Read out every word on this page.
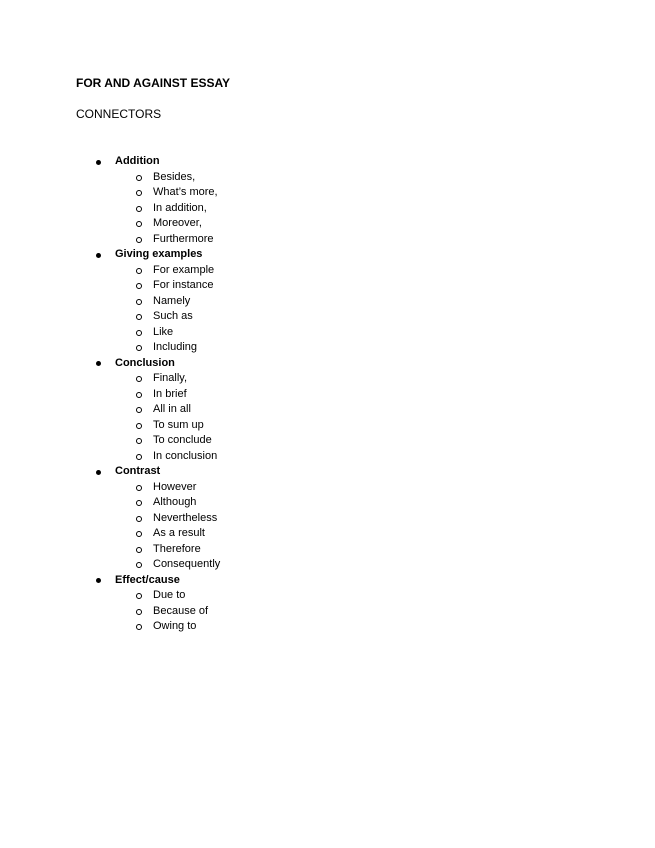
FOR AND AGAINST ESSAY

CONNECTORS

Addition
Besides,
What’s more,
In addition,
Moreover,
Furthermore
Giving examples
For example
For instance
Namely
Such as
Like
Including
Conclusion
Finally,
In brief
All in all
To sum up
To conclude
In conclusion
Contrast
However
Although
Nevertheless
As a result
Therefore
Consequently
Effect/cause
Due to
Because of
Owing to
